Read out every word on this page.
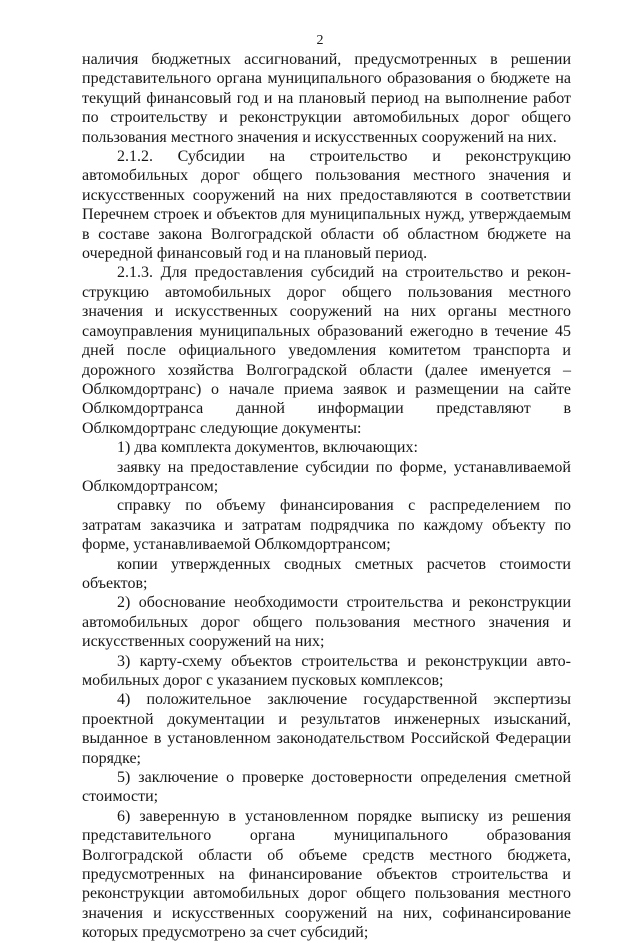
2

наличия бюджетных ассигнований, предусмотренных в решении представительного органа муниципального образования о бюджете на текущий финансовый год и на плановый период на выполнение работ по строительству и реконструкции автомобильных дорог общего пользования местного значения и искусственных сооружений на них.

2.1.2. Субсидии на строительство и реконструкцию автомобильных дорог общего пользования местного значения и искусственных сооружений на них предоставляются в соответствии Перечнем строек и объектов для муниципальных нужд, утверждаемым в составе закона Волгоградской области об областном бюджете на очередной финансовый год и на плановый период.

2.1.3. Для предоставления субсидий на строительство и реконструкцию автомобильных дорог общего пользования местного значения и искусственных сооружений на них органы местного самоуправления муниципальных образований ежегодно в течение 45 дней после официального уведомления комитетом транспорта и дорожного хозяйства Волгоградской области (далее именуется – Облкомдортранс) о начале приема заявок и размещении на сайте Облкомдортранса данной информации представляют в Облкомдортранс следующие документы:

1) два комплекта документов, включающих:

заявку на предоставление субсидии по форме, устанавливаемой Облкомдортрансом;

справку по объему финансирования с распределением по затратам заказчика и затратам подрядчика по каждому объекту по форме, устанавливаемой Облкомдортрансом;

копии утвержденных сводных сметных расчетов стоимости объектов;

2) обоснование необходимости строительства и реконструкции автомобильных дорог общего пользования местного значения и искусственных сооружений на них;

3) карту-схему объектов строительства и реконструкции автомобильных дорог с указанием пусковых комплексов;

4) положительное заключение государственной экспертизы проектной документации и результатов инженерных изысканий, выданное в установленном законодательством Российской Федерации порядке;

5) заключение о проверке достоверности определения сметной стоимости;

6) заверенную в установленном порядке выписку из решения представительного органа муниципального образования Волгоградской области об объеме средств местного бюджета, предусмотренных на финансирование объектов строительства и реконструкции автомобильных дорог общего пользования местного значения и искусственных сооружений на них, софинансирование которых предусмотрено за счет субсидий;
